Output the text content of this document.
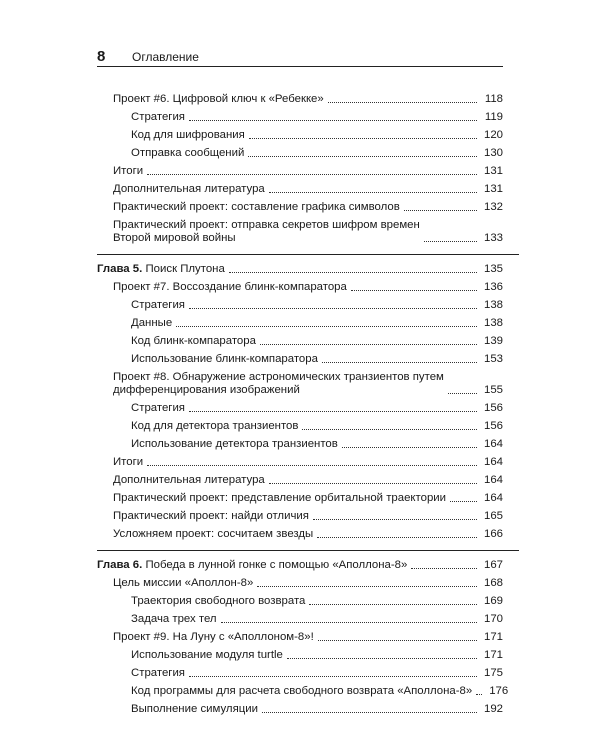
8	Оглавление
Проект #6. Цифровой ключ к «Ребекке»	118
Стратегия	119
Код для шифрования	120
Отправка сообщений	130
Итоги	131
Дополнительная литература	131
Практический проект: составление графика символов	132
Практический проект: отправка секретов шифром времен
Второй мировой войны	133
Глава 5. Поиск Плутона	135
Проект #7. Воссоздание блинк-компаратора	136
Стратегия	138
Данные	138
Код блинк-компаратора	139
Использование блинк-компаратора	153
Проект #8. Обнаружение астрономических транзиентов путем
дифференцирования изображений	155
Стратегия	156
Код для детектора транзиентов	156
Использование детектора транзиентов	164
Итоги	164
Дополнительная литература	164
Практический проект: представление орбитальной траектории	164
Практический проект: найди отличия	165
Усложняем проект: сосчитаем звезды	166
Глава 6. Победа в лунной гонке с помощью «Аполлона-8»	167
Цель миссии «Аполлон-8»	168
Траектория свободного возврата	169
Задача трех тел	170
Проект #9. На Луну с «Аполлоном-8»!	171
Использование модуля turtle	171
Стратегия	175
Код программы для расчета свободного возврата «Аполлона-8»	176
Выполнение симуляции	192
